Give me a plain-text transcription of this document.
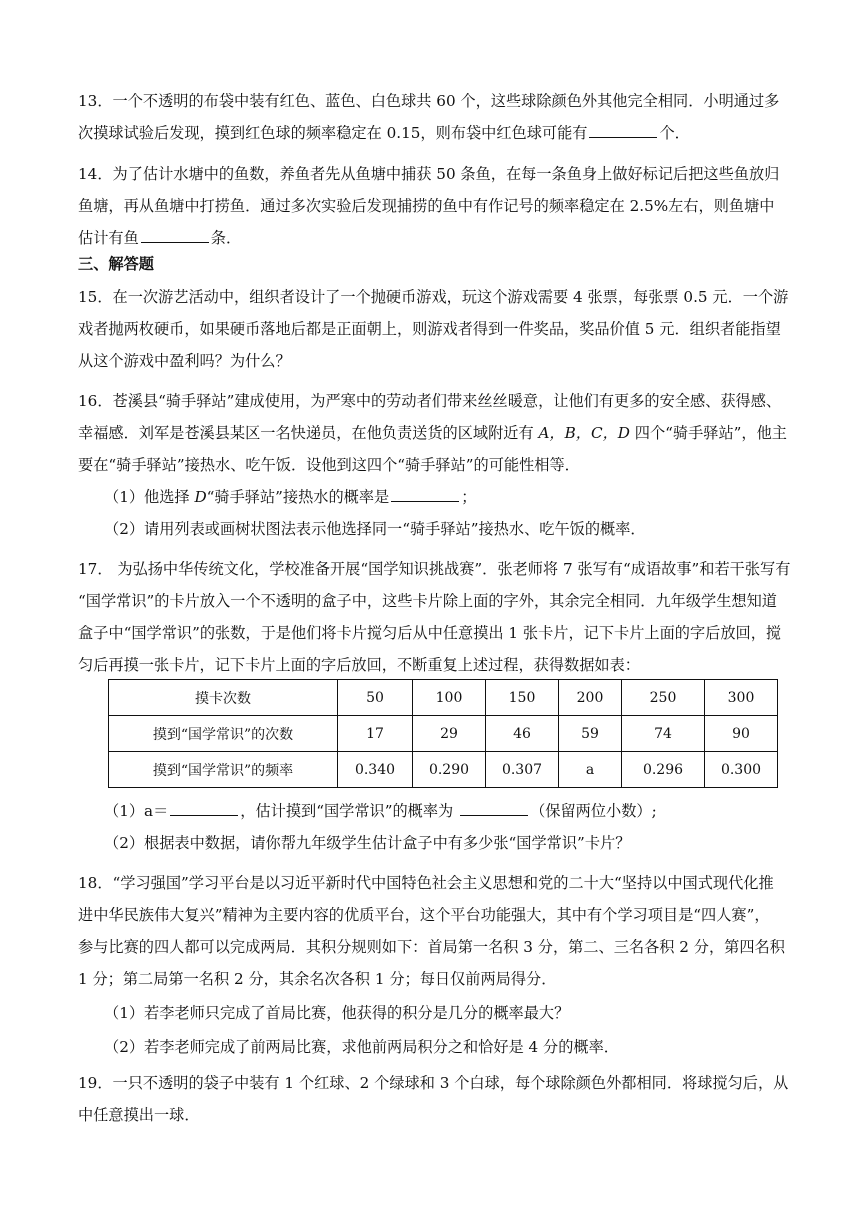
13．一个不透明的布袋中装有红色、蓝色、白色球共 60 个，这些球除颜色外其他完全相同．小明通过多
次摸球试验后发现，摸到红色球的频率稳定在 0.15，则布袋中红色球可能有	个．
14．为了估计水塘中的鱼数，养鱼者先从鱼塘中捕获 50 条鱼，在每一条鱼身上做好标记后把这些鱼放归
鱼塘，再从鱼塘中打捞鱼．通过多次实验后发现捕捞的鱼中有作记号的频率稳定在 2.5%左右，则鱼塘中
估计有鱼	条．
三、解答题
15．在一次游艺活动中，组织者设计了一个抛硬币游戏，玩这个游戏需要 4 张票，每张票 0.5 元．一个游
戏者抛两枚硬币，如果硬币落地后都是正面朝上，则游戏者得到一件奖品，奖品价值 5 元．组织者能指望
从这个游戏中盈利吗？为什么？
16．苍溪县“骑手驿站”建成使用，为严寒中的劳动者们带来丝丝暖意，让他们有更多的安全感、获得感、
幸福感．刘军是苍溪县某区一名快递员，在他负责送货的区域附近有 A，B，C，D 四个“骑手驿站”，他主
要在“骑手驿站”接热水、吃午饭．设他到这四个“骑手驿站”的可能性相等．
（1）他选择 D“骑手驿站”接热水的概率是	；
（2）请用列表或画树状图法表示他选择同一“骑手驿站”接热水、吃午饭的概率．
17． 为弘扬中华传统文化，学校准备开展“国学知识挑战赛”．张老师将 7 张写有“成语故事”和若干张写有
“国学常识”的卡片放入一个不透明的盒子中，这些卡片除上面的字外，其余完全相同．九年级学生想知道
盒子中“国学常识”的张数，于是他们将卡片搅匀后从中任意摸出 1 张卡片，记下卡片上面的字后放回，搅
匀后再摸一张卡片，记下卡片上面的字后放回，不断重复上述过程，获得数据如表：
摸卡次数	50	100	150	200	250	300
摸到“国学常识”的次数	17	29	46	59	74	90
摸到“国学常识”的频率	0.340	0.290	0.307	a	0.296	0.300
（1）a＝	，估计摸到“国学常识”的概率为	（保留两位小数）;
（2）根据表中数据，请你帮九年级学生估计盒子中有多少张“国学常识”卡片？
18．“学习强国”学习平台是以习近平新时代中国特色社会主义思想和党的二十大“坚持以中国式现代化推
进中华民族伟大复兴”精神为主要内容的优质平台，这个平台功能强大，其中有个学习项目是“四人赛”，
参与比赛的四人都可以完成两局．其积分规则如下：首局第一名积 3 分，第二、三名各积 2 分，第四名积
1 分；第二局第一名积 2 分，其余名次各积 1 分；每日仅前两局得分．
（1）若李老师只完成了首局比赛，他获得的积分是几分的概率最大？
（2）若李老师完成了前两局比赛，求他前两局积分之和恰好是 4 分的概率．
19．一只不透明的袋子中装有 1 个红球、2 个绿球和 3 个白球，每个球除颜色外都相同．将球搅匀后，从
中任意摸出一球．
